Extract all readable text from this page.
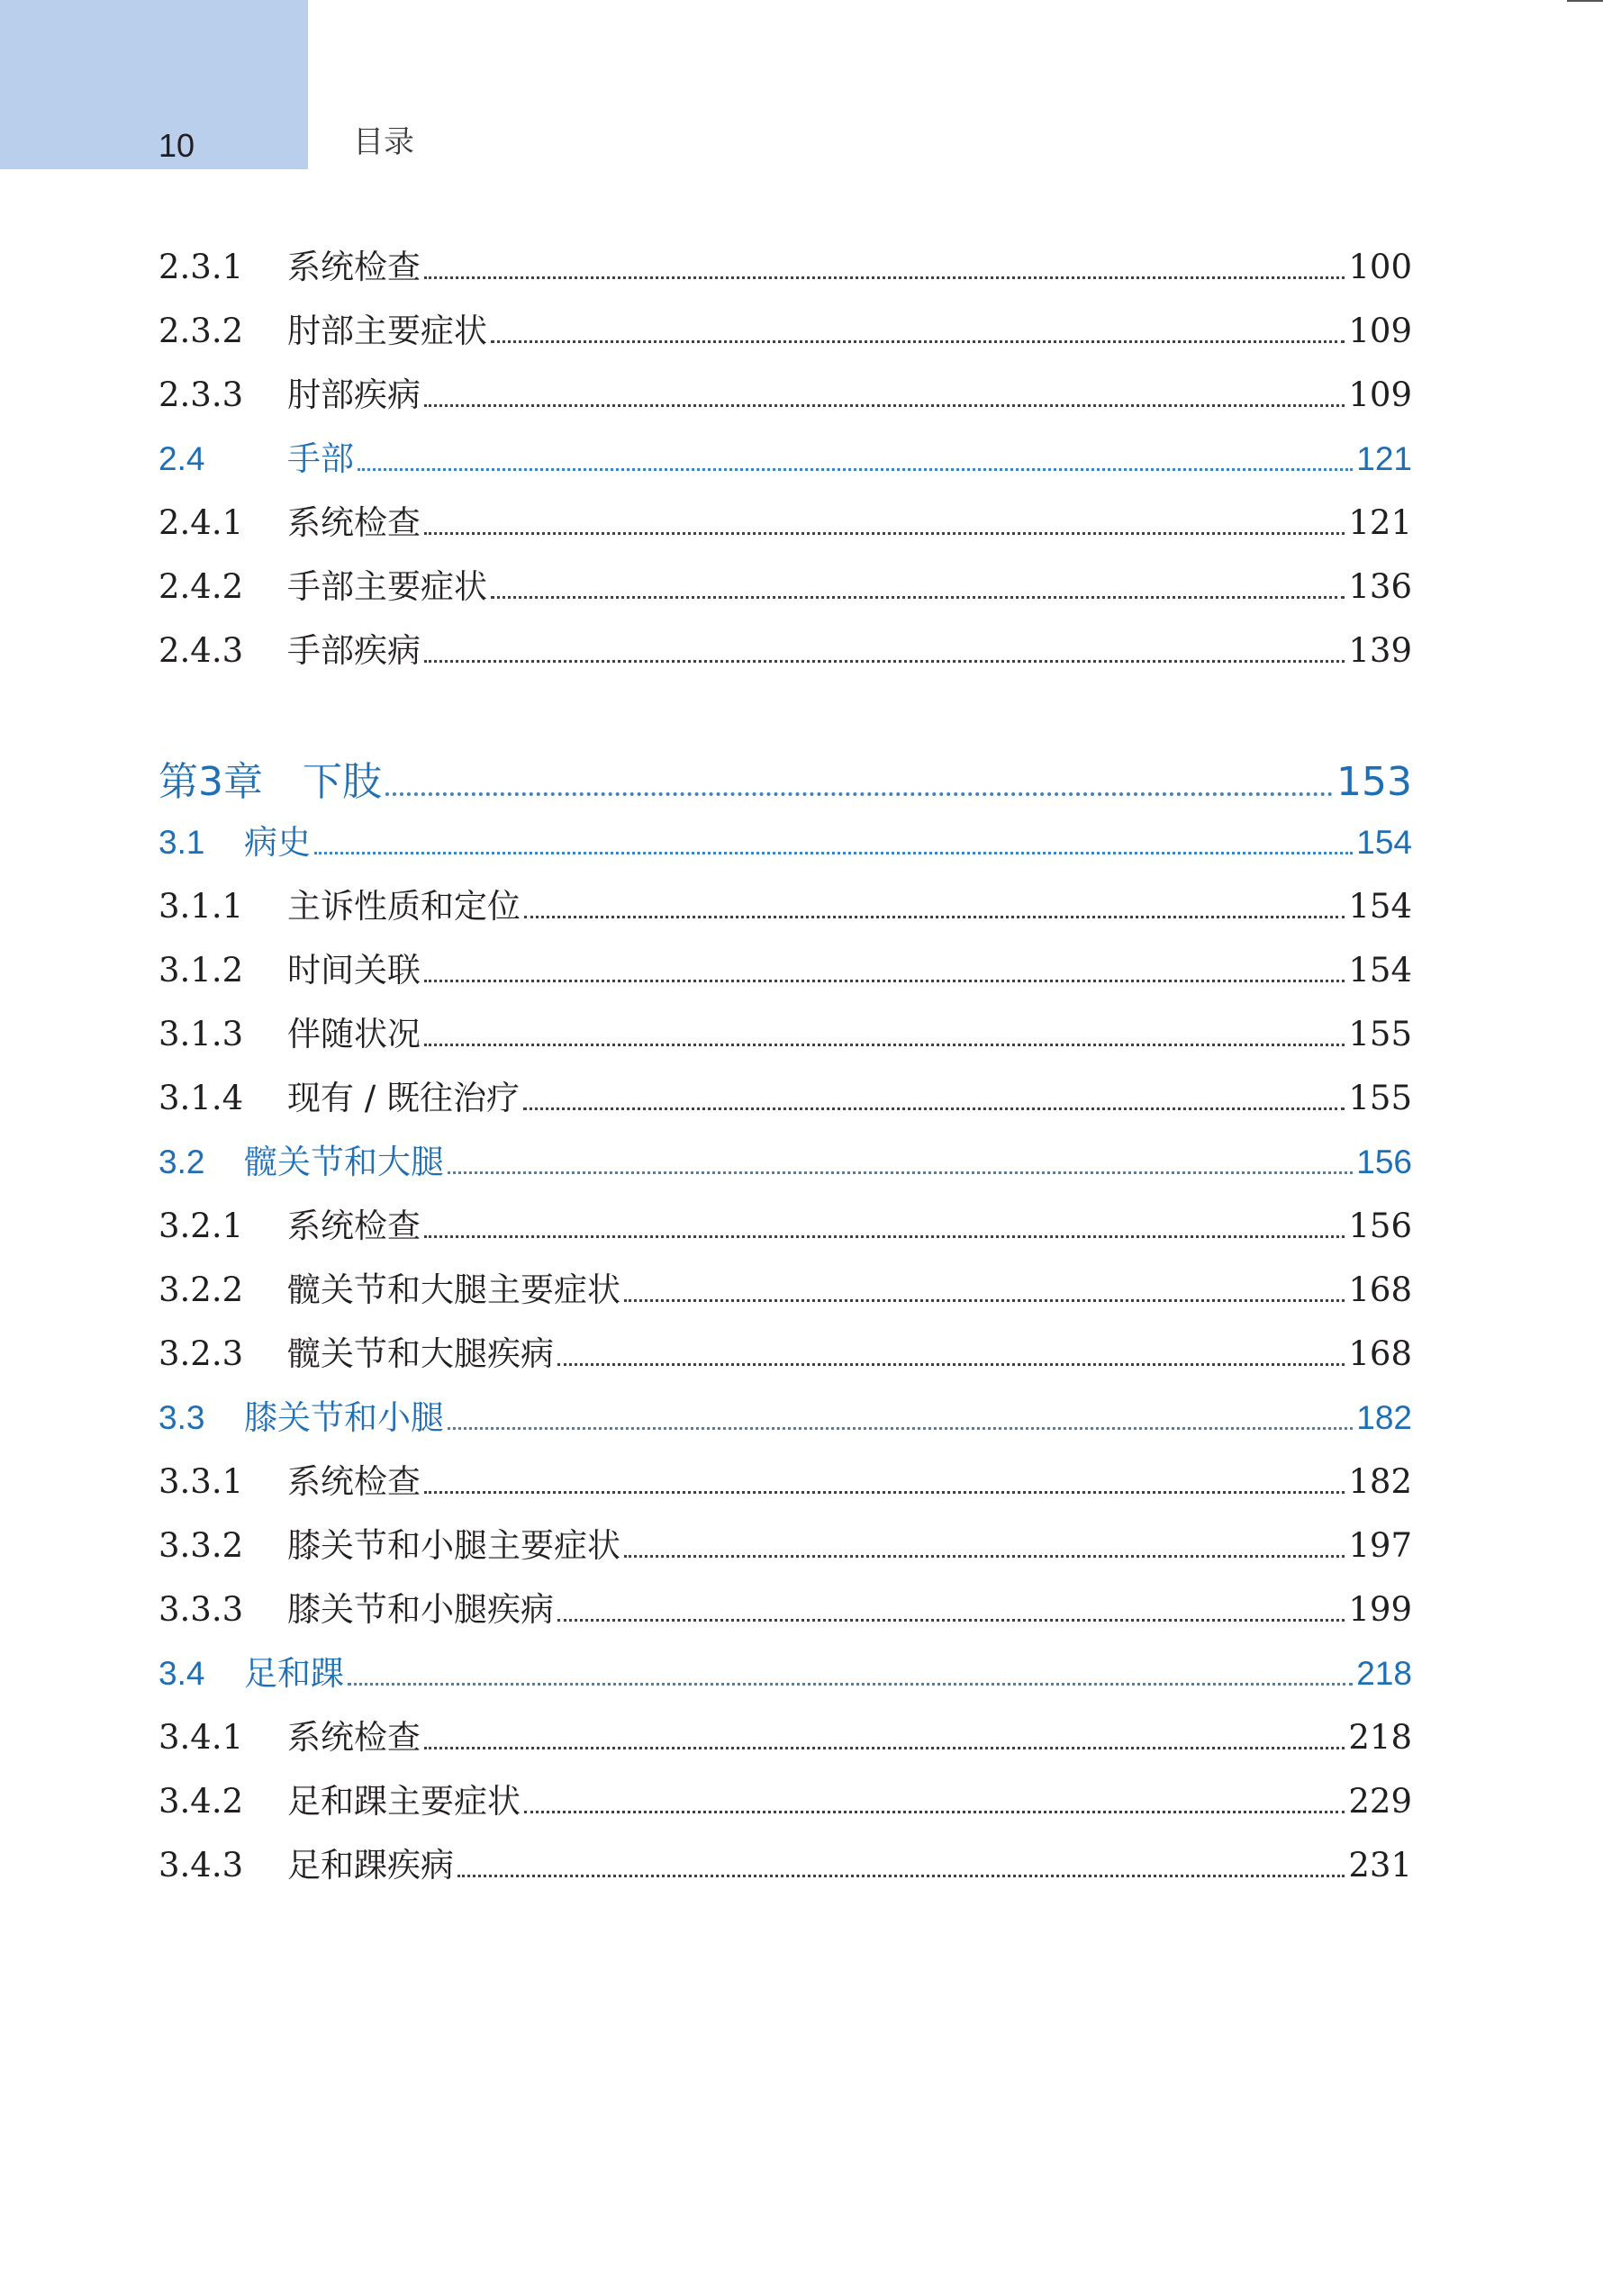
10	目录
2.3.1	系统检查	100
2.3.2	肘部主要症状	109
2.3.3	肘部疾病	109
2.4	手部	121
2.4.1	系统检查	121
2.4.2	手部主要症状	136
2.4.3	手部疾病	139
第3章	下肢	153
3.1	病史	154
3.1.1	主诉性质和定位	154
3.1.2	时间关联	154
3.1.3	伴随状况	155
3.1.4	现有 / 既往治疗	155
3.2	髋关节和大腿	156
3.2.1	系统检查	156
3.2.2	髋关节和大腿主要症状	168
3.2.3	髋关节和大腿疾病	168
3.3	膝关节和小腿	182
3.3.1	系统检查	182
3.3.2	膝关节和小腿主要症状	197
3.3.3	膝关节和小腿疾病	199
3.4	足和踝	218
3.4.1	系统检查	218
3.4.2	足和踝主要症状	229
3.4.3	足和踝疾病	231
